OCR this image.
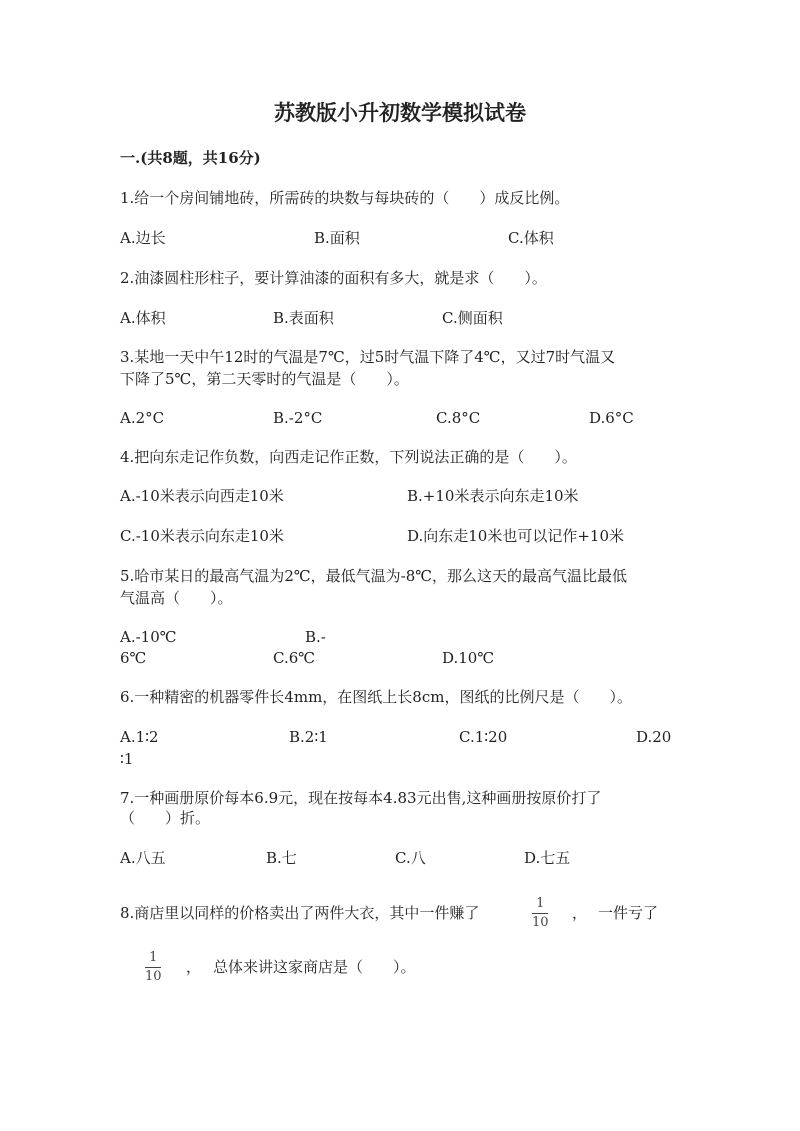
苏教版小升初数学模拟试卷
一.(共8题，共16分)
1.给一个房间铺地砖，所需砖的块数与每块砖的（　　）成反比例。
A.边长	B.面积	C.体积
2.油漆圆柱形柱子，要计算油漆的面积有多大，就是求（　　）。
A.体积	B.表面积	C.侧面积
3.某地一天中午12时的气温是7℃，过5时气温下降了4℃，又过7时气温又
下降了5℃，第二天零时的气温是（　　）。
A.2°C	B.-2°C	C.8°C	D.6°C
4.把向东走记作负数，向西走记作正数，下列说法正确的是（　　）。
A.-10米表示向西走10米	B.+10米表示向东走10米
C.-10米表示向东走10米	D.向东走10米也可以记作+10米
5.哈市某日的最高气温为2℃，最低气温为-8℃，那么这天的最高气温比最低
气温高（　　）。
A.-10℃	B.-
6℃	C.6℃	D.10℃
6.一种精密的机器零件长4mm，在图纸上长8cm，图纸的比例尺是（　　）。
A.1∶2	B.2∶1	C.1∶20	D.20
∶1
7.一种画册原价每本6.9元，现在按每本4.83元出售,这种画册按原价打了
（　　）折。
A.八五	B.七	C.八	D.七五
8.商店里以同样的价格卖出了两件大衣，其中一件赚了
1
10
， 一件亏了
1
10
， 总体来讲这家商店是（　　）。
